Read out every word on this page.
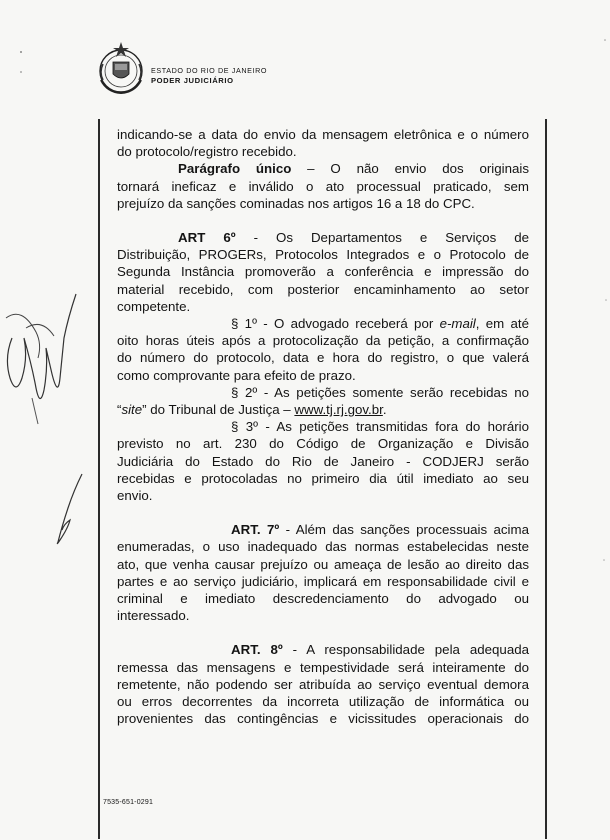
ESTADO DO RIO DE JANEIRO
PODER JUDICIÁRIO

indicando-se a data do envio da mensagem eletrônica e o número

do protocolo/registro recebido.

Parágrafo único – O não envio dos originais

tornará ineficaz e inválido o ato processual praticado, sem

prejuízo da sanções cominadas nos artigos 16 a 18 do CPC.

ART 6º - Os Departamentos e Serviços de

Distribuição, PROGERs, Protocolos Integrados e o Protocolo de

Segunda Instância promoverão a conferência e impressão do

material recebido, com posterior encaminhamento ao setor

competente.

§ 1º - O advogado receberá por e-mail, em até

oito horas úteis após a protocolização da petição, a confirmação

do número do protocolo, data e hora do registro, o que valerá

como comprovante para efeito de prazo.

§ 2º - As petições somente serão recebidas no

“site” do Tribunal de Justiça – www.tj.rj.gov.br.

§ 3º - As petições transmitidas fora do horário

previsto no art. 230 do Código de Organização e Divisão

Judiciária do Estado do Rio de Janeiro - CODJERJ serão

recebidas e protocoladas no primeiro dia útil imediato ao seu

envio.

ART. 7º - Além das sanções processuais acima

enumeradas, o uso inadequado das normas estabelecidas neste

ato, que venha causar prejuízo ou ameaça de lesão ao direito das

partes e ao serviço judiciário, implicará em responsabilidade civil e

criminal e imediato descredenciamento do advogado ou

interessado.

ART. 8º - A responsabilidade pela adequada

remessa das mensagens e tempestividade será inteiramente do

remetente, não podendo ser atribuída ao serviço eventual demora

ou erros decorrentes da incorreta utilização de informática ou

provenientes das contingências e vicissitudes operacionais do

7535-651-0291
